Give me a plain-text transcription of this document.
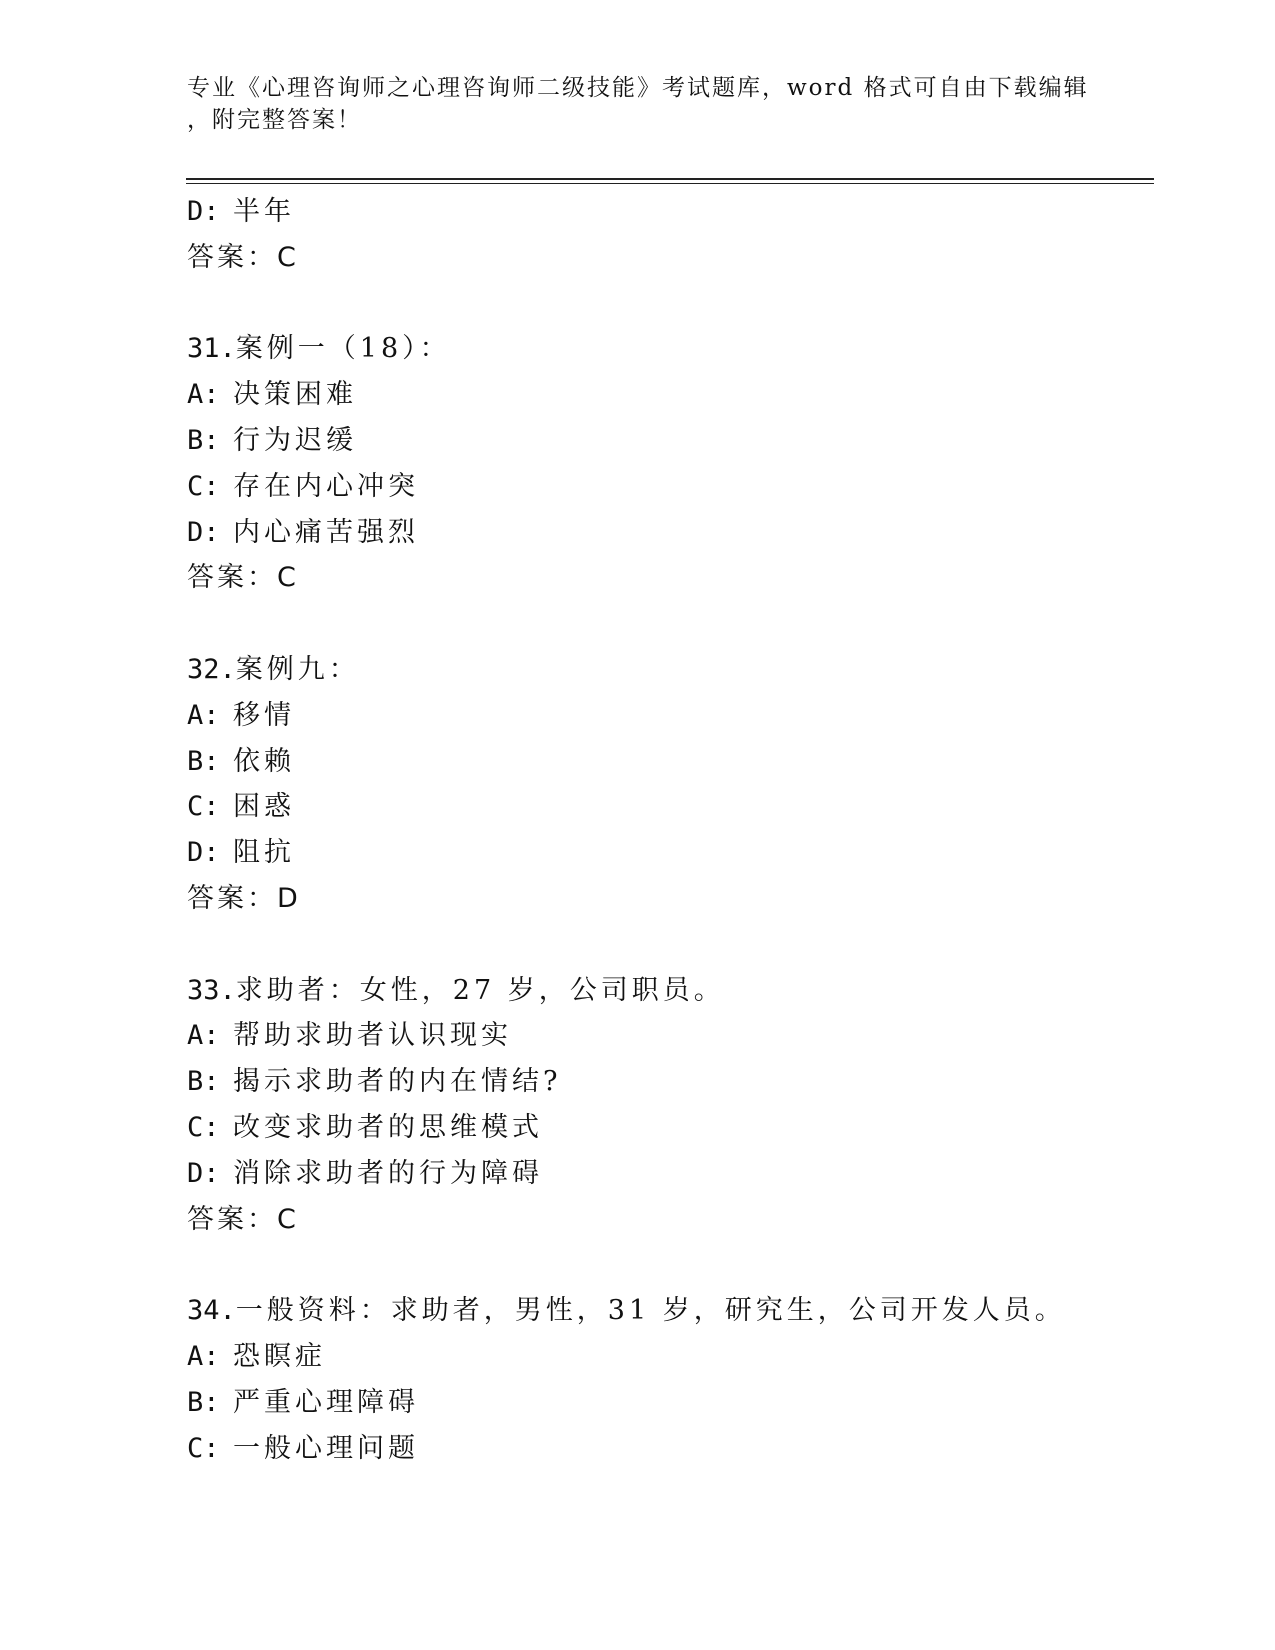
专业《心理咨询师之心理咨询师二级技能》考试题库，word 格式可自由下载编辑
，附完整答案！
D: 半年
答案：C
31.案例一（18）：
A: 决策困难
B: 行为迟缓
C: 存在内心冲突
D: 内心痛苦强烈
答案：C
32.案例九：
A: 移情
B: 依赖
C: 困惑
D: 阻抗
答案：D
33.求助者：女性，27 岁，公司职员。
A: 帮助求助者认识现实
B: 揭示求助者的内在情结?
C: 改变求助者的思维模式
D: 消除求助者的行为障碍
答案：C
34.一般资料：求助者，男性，31 岁，研究生，公司开发人员。
A: 恐瞑症
B: 严重心理障碍
C: 一般心理问题
